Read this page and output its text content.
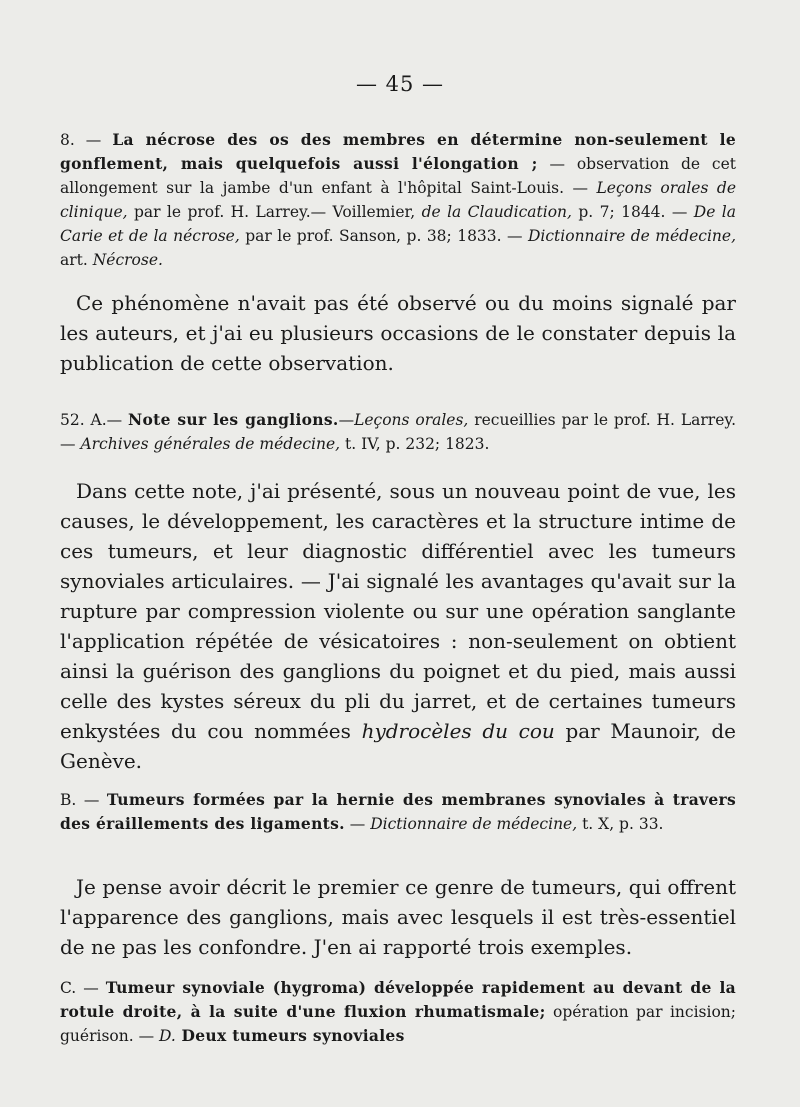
— 45 —
8. — La nécrose des os des membres en détermine non-seulement le gonflement, mais quelquefois aussi l'élongation ; — observation de cet allongement sur la jambe d'un enfant à l'hôpital Saint-Louis. — Leçons orales de clinique, par le prof. H. Larrey.— Voillemier, de la Claudication, p. 7; 1844. — De la Carie et de la nécrose, par le prof. Sanson, p. 38; 1833. — Dictionnaire de médecine, art. Nécrose.
Ce phénomène n'avait pas été observé ou du moins signalé par les auteurs, et j'ai eu plusieurs occasions de le constater depuis la publication de cette observation.
52. A.— Note sur les ganglions.—Leçons orales, recueillies par le prof. H. Larrey. — Archives générales de médecine, t. IV, p. 232; 1823.
Dans cette note, j'ai présenté, sous un nouveau point de vue, les causes, le développement, les caractères et la structure intime de ces tumeurs, et leur diagnostic différentiel avec les tumeurs synoviales articulaires. — J'ai signalé les avantages qu'avait sur la rupture par compression violente ou sur une opération sanglante l'application répétée de vésicatoires : non-seulement on obtient ainsi la guérison des ganglions du poignet et du pied, mais aussi celle des kystes séreux du pli du jarret, et de certaines tumeurs enkystées du cou nommées hydrocèles du cou par Maunoir, de Genève.
B. — Tumeurs formées par la hernie des membranes synoviales à travers des éraillements des ligaments. — Dictionnaire de médecine, t. X, p. 33.
Je pense avoir décrit le premier ce genre de tumeurs, qui offrent l'apparence des ganglions, mais avec lesquels il est très-essentiel de ne pas les confondre. J'en ai rapporté trois exemples.
C. — Tumeur synoviale (hygroma) développée rapidement au devant de la rotule droite, à la suite d'une fluxion rhumatismale; opération par incision; guérison. — D. Deux tumeurs synoviales
